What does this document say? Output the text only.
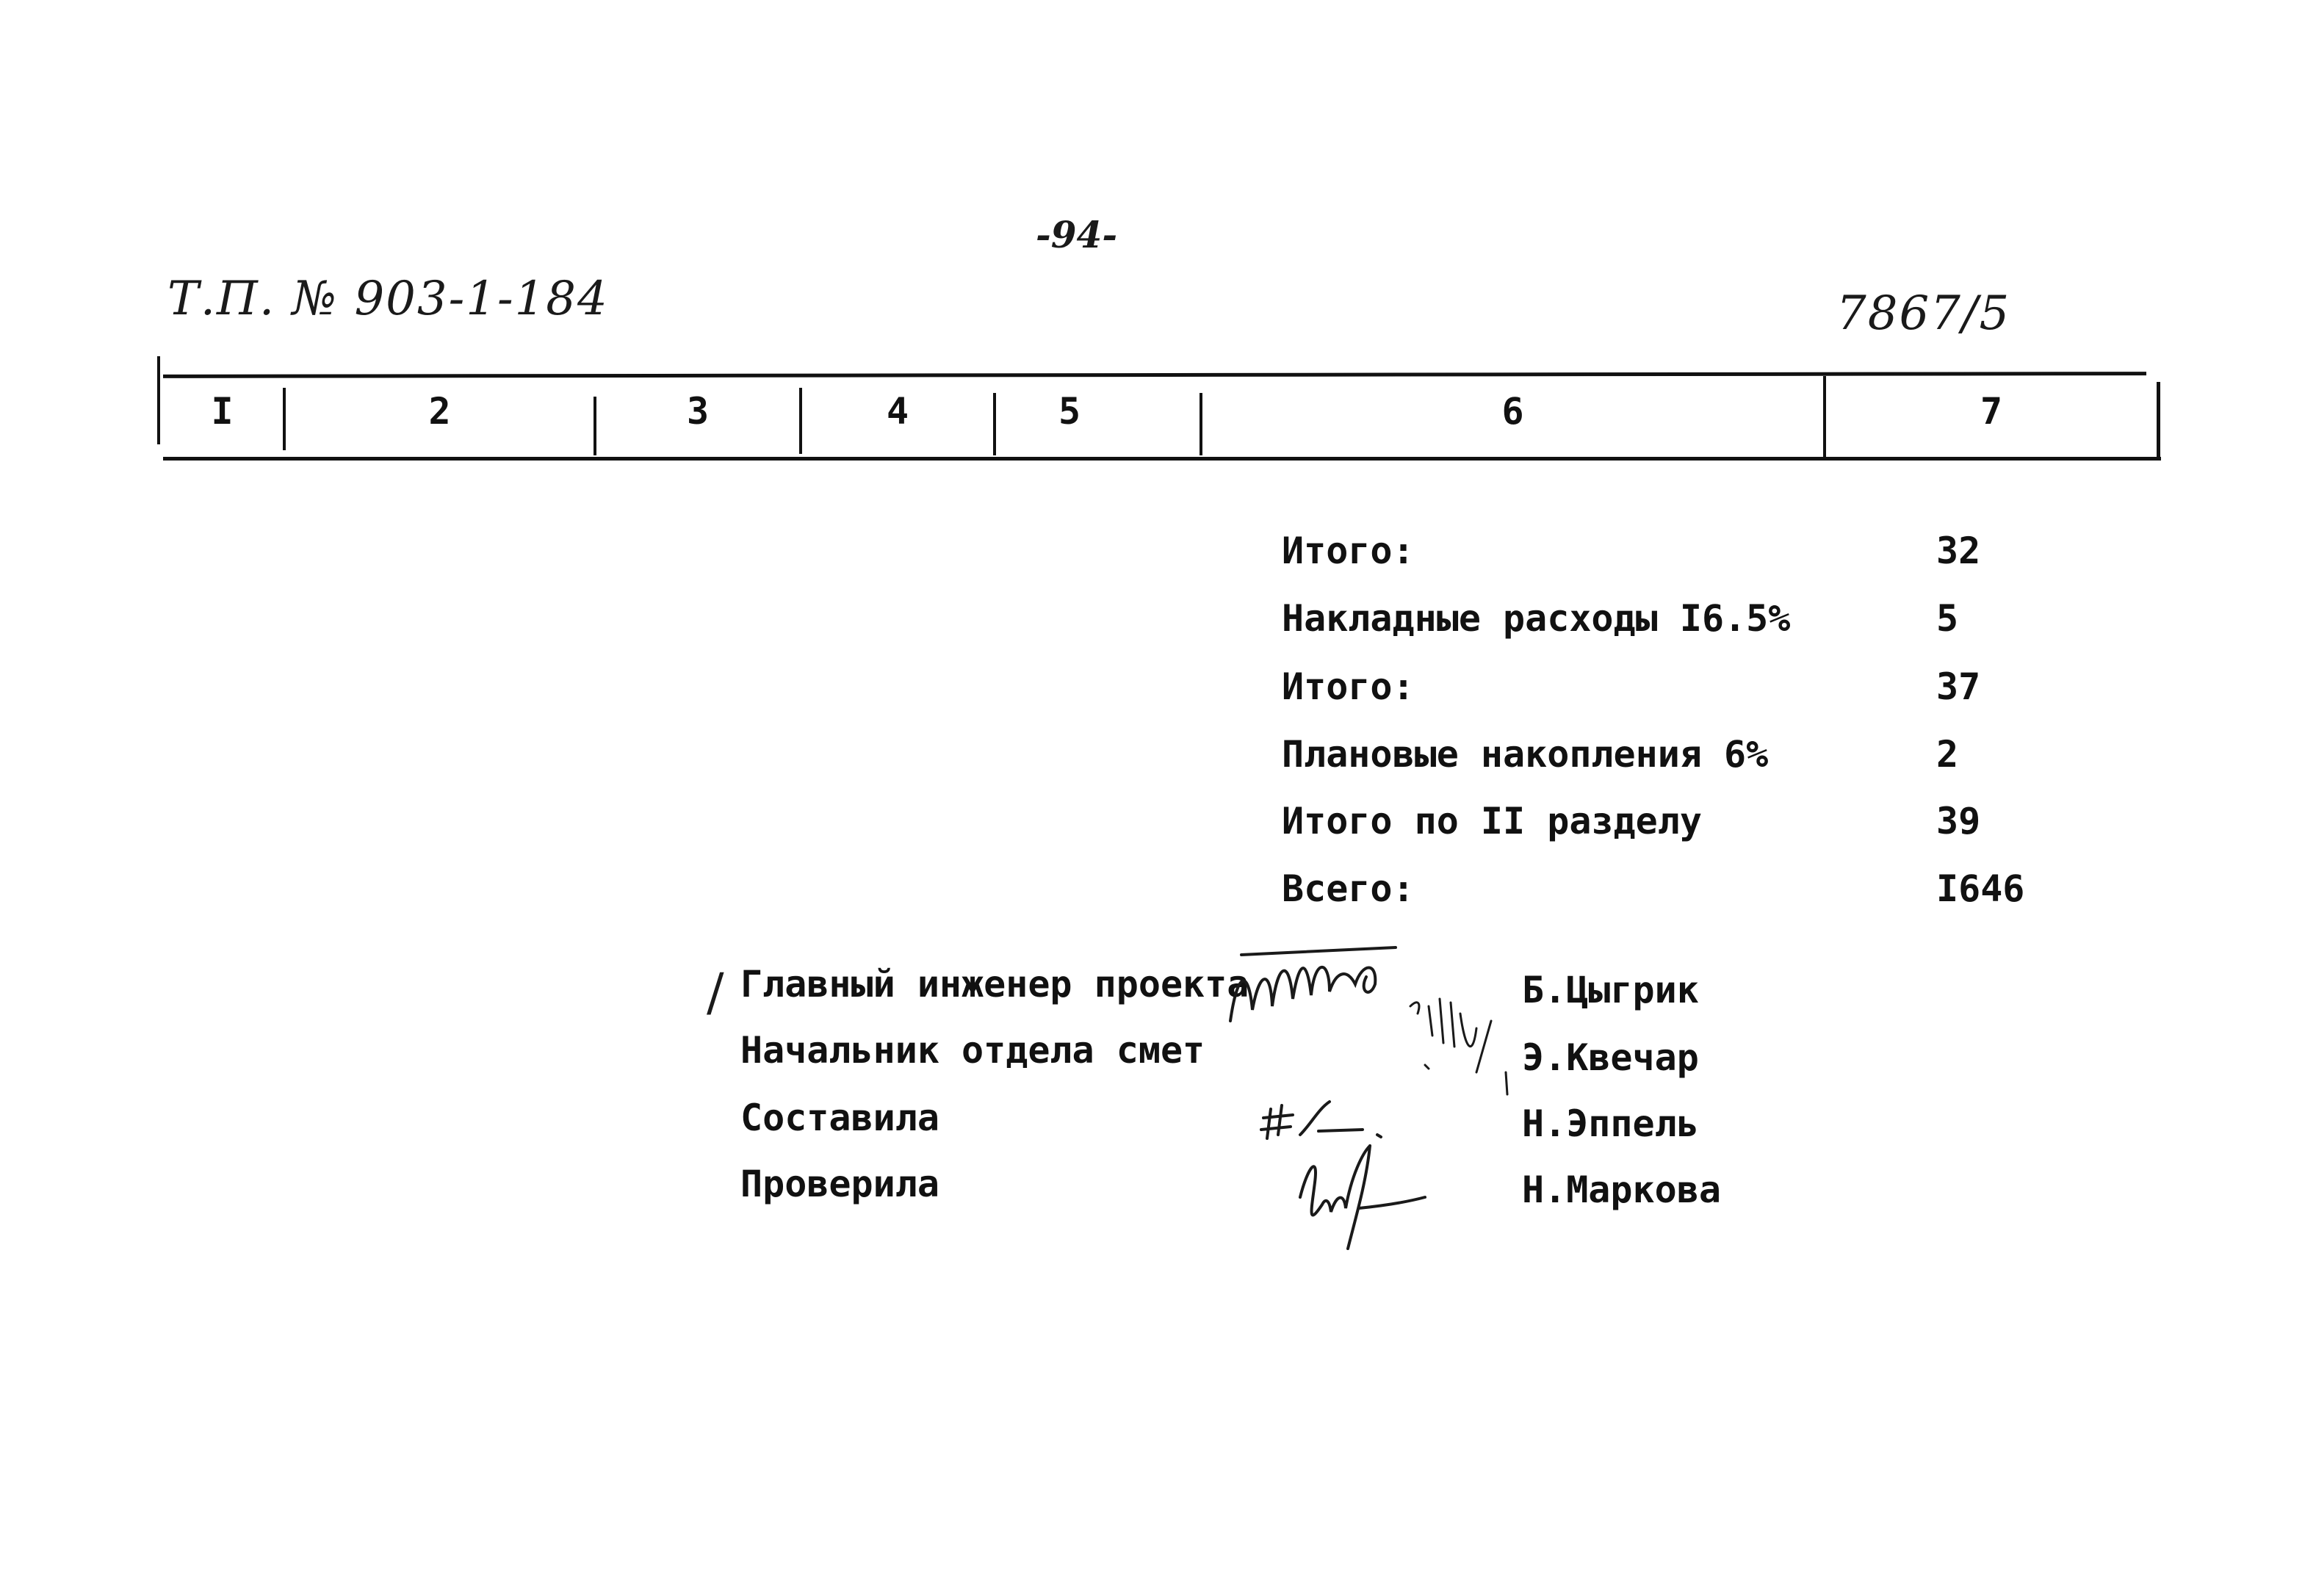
-94-
Т.П. № 903-1-184	7867/5
I	2	3	4	5	6	7
Итого:	32
Накладные расходы I6.5%	5
Итого:	37
Плановые накопления 6%	2
Итого по II разделу	39
Всего:	I646
/ Главный инженер проекта	Б.Цыгрик
Начальник отдела смет	Э.Квечар
Составила	Н.Эппель
Проверила	Н.Маркова
